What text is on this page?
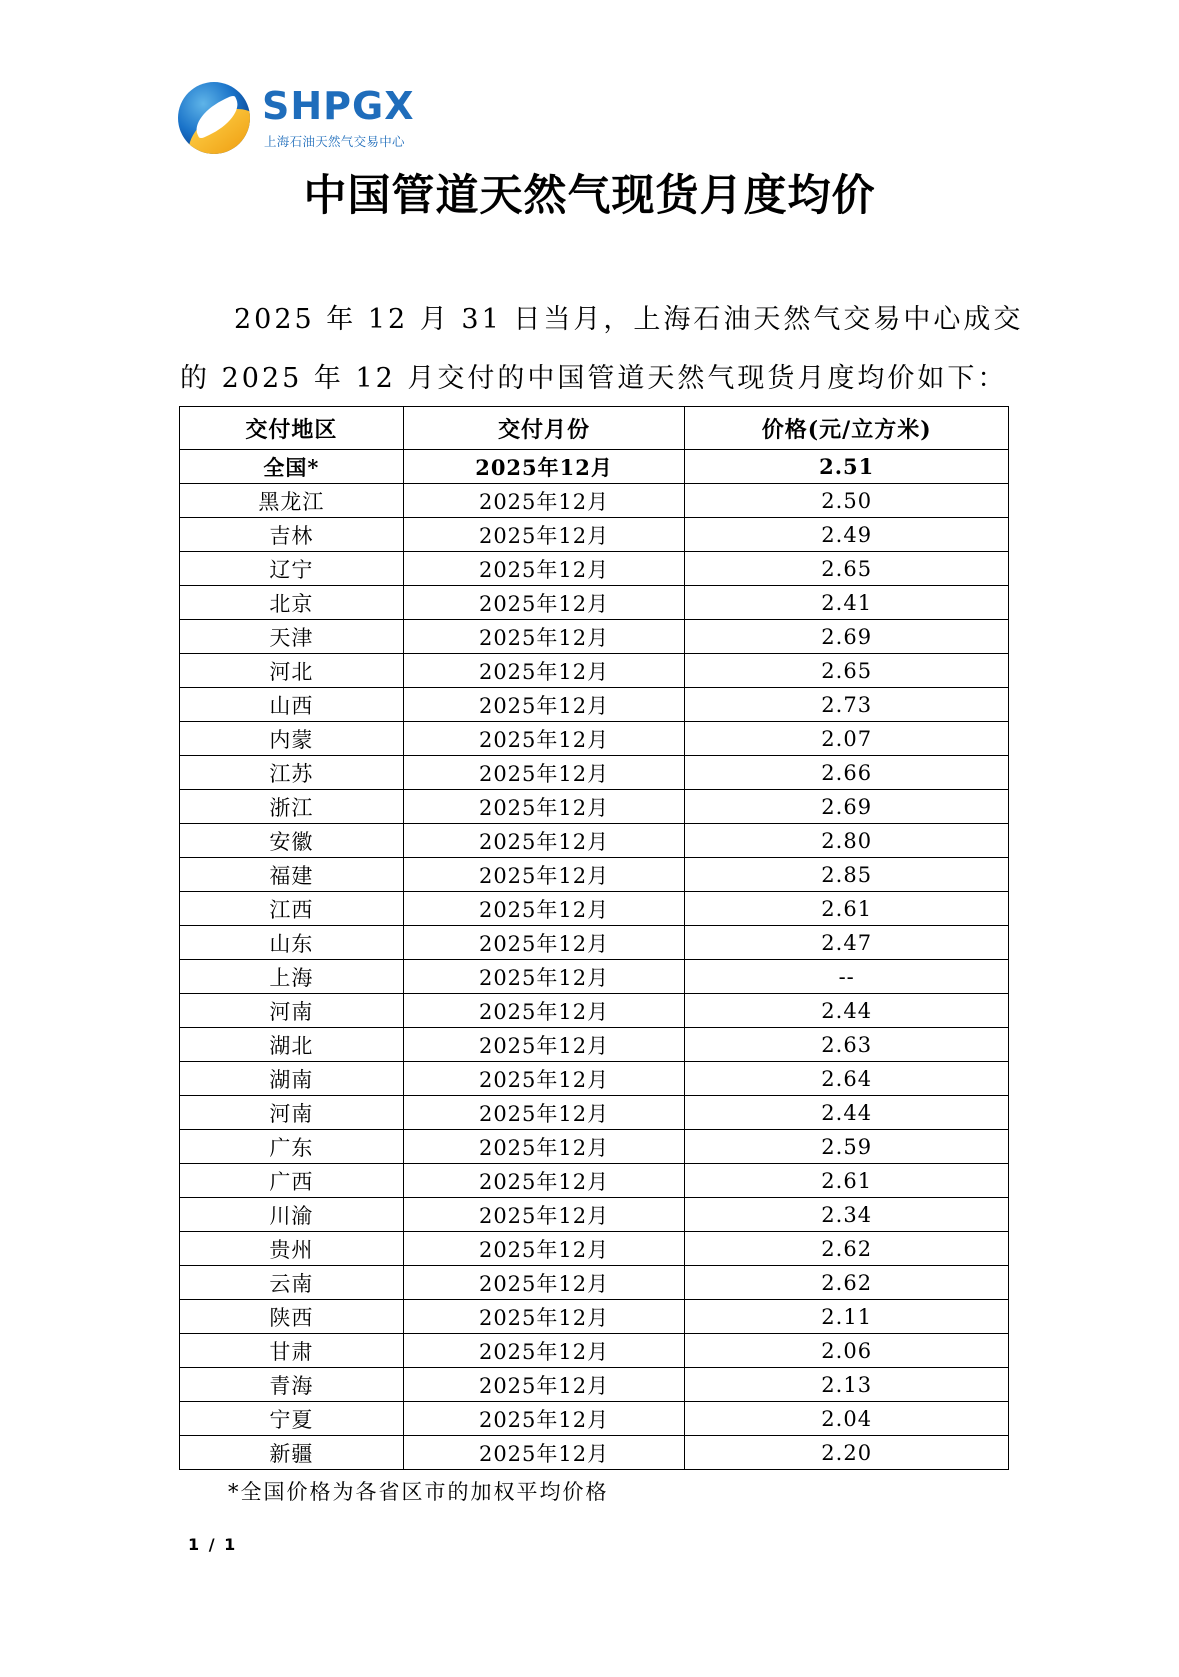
SHPGX
上海石油天然气交易中心
中国管道天然气现货月度均价
2025 年 12 月 31 日当月，上海石油天然气交易中心成交
的 2025 年 12 月交付的中国管道天然气现货月度均价如下：
交付地区	交付月份	价格(元/立方米)
全国*	2025年12月	2.51
黑龙江	2025年12月	2.50
吉林	2025年12月	2.49
辽宁	2025年12月	2.65
北京	2025年12月	2.41
天津	2025年12月	2.69
河北	2025年12月	2.65
山西	2025年12月	2.73
内蒙	2025年12月	2.07
江苏	2025年12月	2.66
浙江	2025年12月	2.69
安徽	2025年12月	2.80
福建	2025年12月	2.85
江西	2025年12月	2.61
山东	2025年12月	2.47
上海	2025年12月	--
河南	2025年12月	2.44
湖北	2025年12月	2.63
湖南	2025年12月	2.64
河南	2025年12月	2.44
广东	2025年12月	2.59
广西	2025年12月	2.61
川渝	2025年12月	2.34
贵州	2025年12月	2.62
云南	2025年12月	2.62
陕西	2025年12月	2.11
甘肃	2025年12月	2.06
青海	2025年12月	2.13
宁夏	2025年12月	2.04
新疆	2025年12月	2.20
*全国价格为各省区市的加权平均价格
1 / 1
